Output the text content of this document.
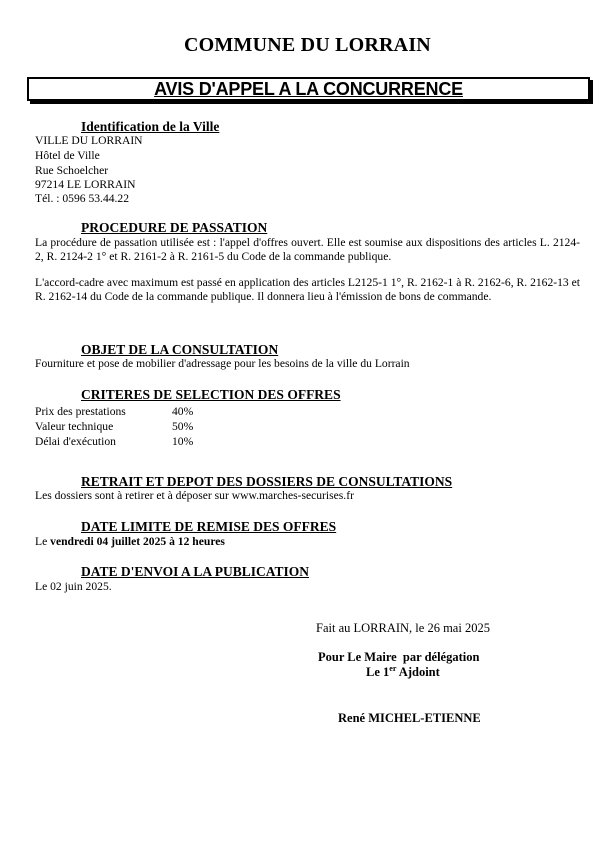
COMMUNE DU LORRAIN
AVIS D'APPEL A LA CONCURRENCE
Identification de la Ville
VILLE DU LORRAIN
Hôtel de Ville
Rue Schoelcher
97214 LE LORRAIN
Tél. : 0596 53.44.22
PROCEDURE DE PASSATION
La procédure de passation utilisée est : l'appel d'offres ouvert. Elle est soumise aux dispositions des articles L. 2124-2, R. 2124-2 1° et R. 2161-2 à R. 2161-5 du Code de la commande publique.
L'accord-cadre avec maximum est passé en application des articles L2125-1 1°, R. 2162-1 à R. 2162-6, R. 2162-13 et R. 2162-14 du Code de la commande publique. Il donnera lieu à l'émission de bons de commande.
OBJET DE LA CONSULTATION
Fourniture et pose de mobilier d'adressage pour les besoins de la ville du Lorrain
CRITERES DE SELECTION DES OFFRES
Prix des prestations	40%
Valeur technique	50%
Délai d'exécution	10%
RETRAIT ET DEPOT DES DOSSIERS DE CONSULTATIONS
Les dossiers sont à retirer et à déposer sur www.marches-securises.fr
DATE LIMITE DE REMISE DES OFFRES
Le vendredi 04 juillet 2025 à 12 heures
DATE D'ENVOI A LA PUBLICATION
Le 02 juin 2025.
Fait au LORRAIN, le 26 mai 2025
Pour Le Maire  par délégation
Le 1er Ajdoint
René MICHEL-ETIENNE
